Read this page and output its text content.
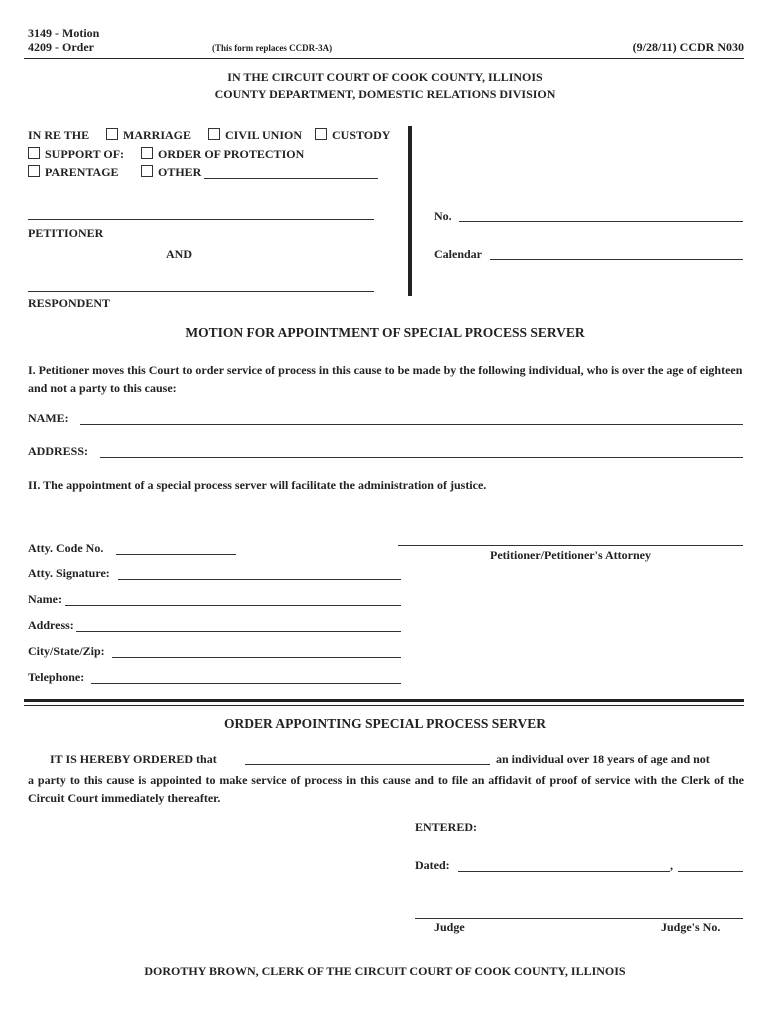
3149 - Motion
4209 - Order	(This form replaces CCDR-3A)	(9/28/11) CCDR N030
IN THE CIRCUIT COURT OF COOK COUNTY, ILLINOIS
COUNTY DEPARTMENT, DOMESTIC RELATIONS DIVISION
IN RE THE	MARRIAGE	CIVIL UNION	CUSTODY
SUPPORT OF:	ORDER OF PROTECTION
PARENTAGE	OTHER
PETITIONER
AND
RESPONDENT
No.
Calendar
MOTION FOR APPOINTMENT OF SPECIAL PROCESS SERVER
I. Petitioner moves this Court to order service of process in this cause to be made by the following individual, who is over the age of eighteen and not a party to this cause:
NAME:
ADDRESS:
II. The appointment of a special process server will facilitate the administration of justice.
Atty. Code No.	Petitioner/Petitioner's Attorney
Atty. Signature:
Name:
Address:
City/State/Zip:
Telephone:
ORDER APPOINTING SPECIAL PROCESS SERVER
IT IS HEREBY ORDERED that	an individual over 18 years of age and not
a party to this cause is appointed to make service of process in this cause and to file an affidavit of proof of service with the Clerk of the Circuit Court immediately thereafter.
ENTERED:
Dated:	,
Judge	Judge's No.
DOROTHY BROWN, CLERK OF THE CIRCUIT COURT OF COOK COUNTY, ILLINOIS
